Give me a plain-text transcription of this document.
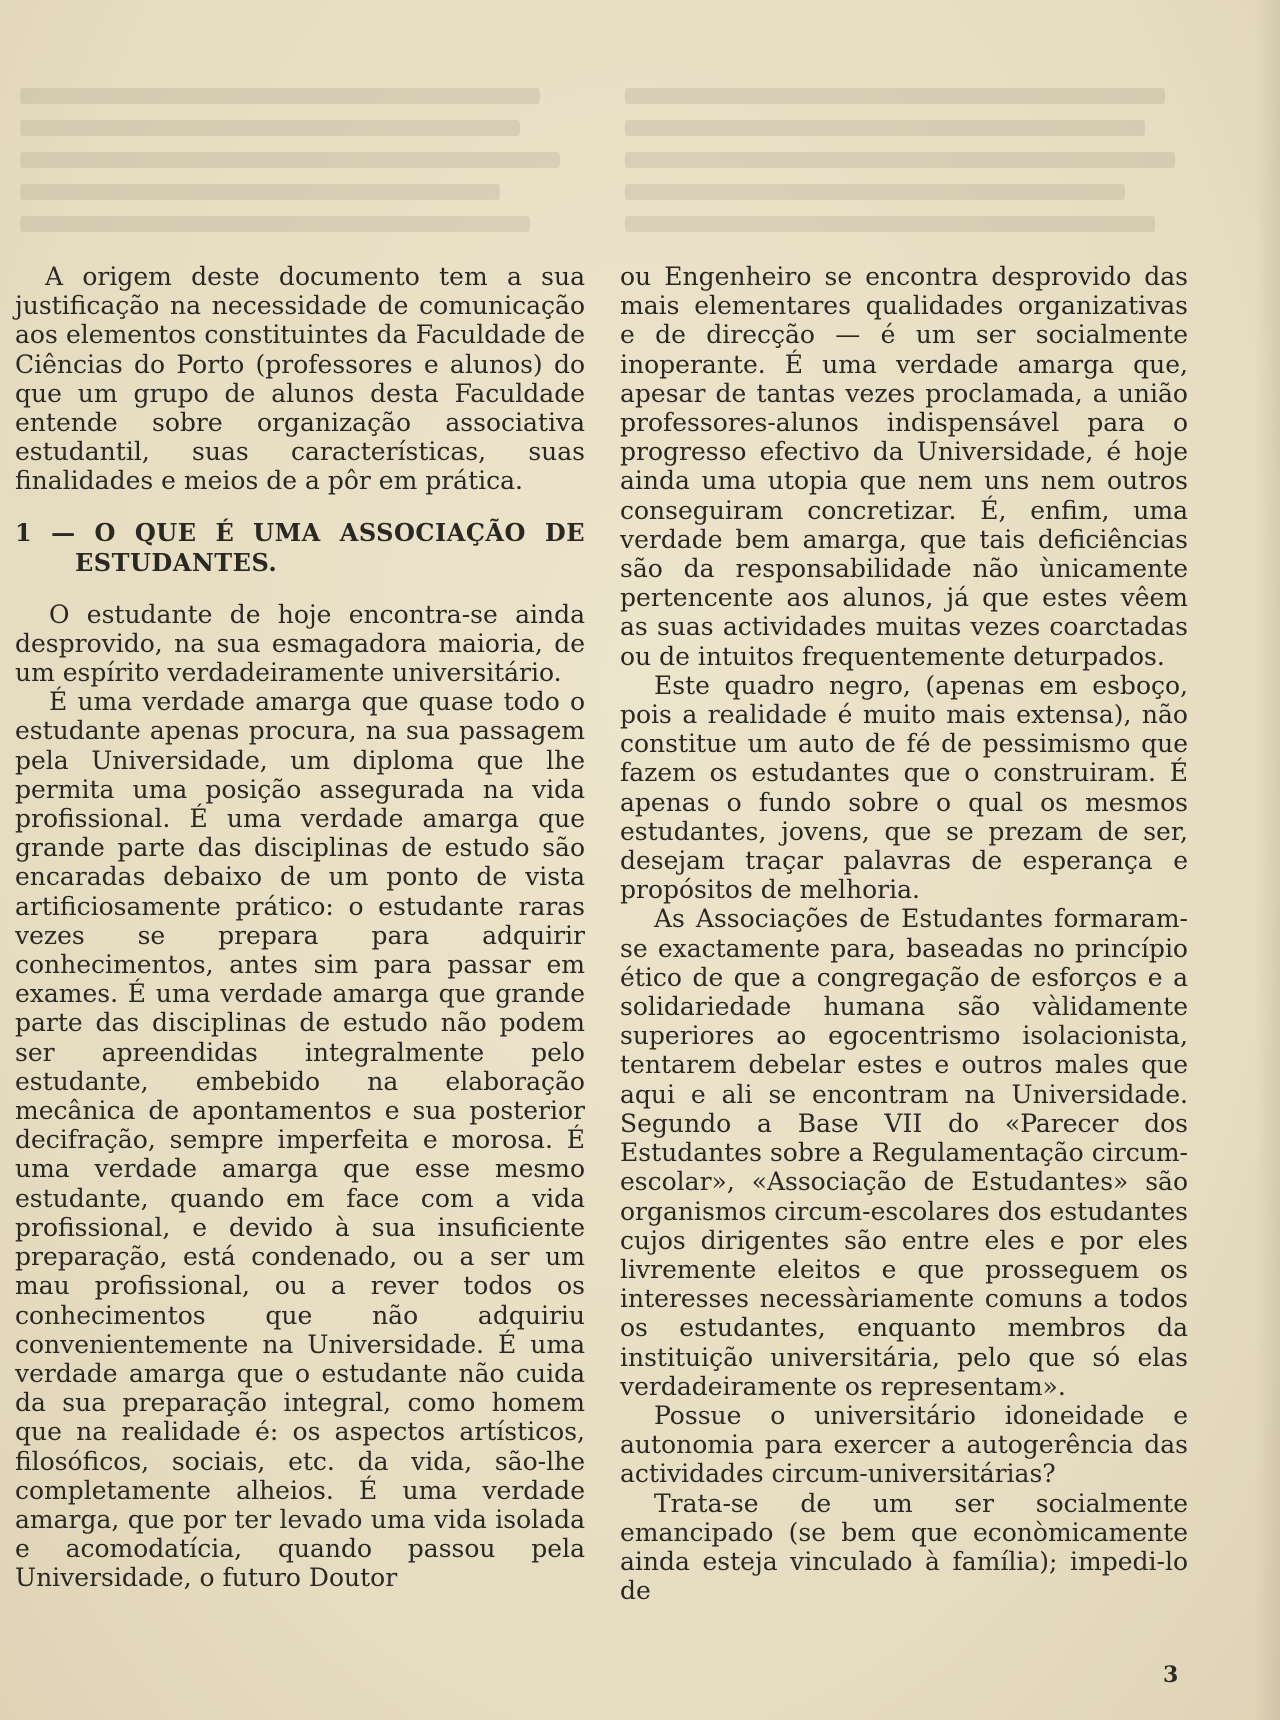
A origem deste documento tem a sua justificação na necessidade de comunicação aos elementos constituintes da Faculdade de Ciências do Porto (professores e alunos) do que um grupo de alunos desta Faculdade entende sobre organização associativa estudantil, suas características, suas finalidades e meios de a pôr em prática.

1 — O QUE É UMA ASSOCIAÇÃO DE ESTUDANTES.

O estudante de hoje encontra-se ainda desprovido, na sua esmagadora maioria, de um espírito verdadeiramente universitário.

É uma verdade amarga que quase todo o estudante apenas procura, na sua passagem pela Universidade, um diploma que lhe permita uma posição assegurada na vida profissional. É uma verdade amarga que grande parte das disciplinas de estudo são encaradas debaixo de um ponto de vista artificiosamente prático: o estudante raras vezes se prepara para adquirir conhecimentos, antes sim para passar em exames. É uma verdade amarga que grande parte das disciplinas de estudo não podem ser apreendidas integralmente pelo estudante, embebido na elaboração mecânica de apontamentos e sua posterior decifração, sempre imperfeita e morosa. É uma verdade amarga que esse mesmo estudante, quando em face com a vida profissional, e devido à sua insuficiente preparação, está condenado, ou a ser um mau profissional, ou a rever todos os conhecimentos que não adquiriu convenientemente na Universidade. É uma verdade amarga que o estudante não cuida da sua preparação integral, como homem que na realidade é: os aspectos artísticos, filosóficos, sociais, etc. da vida, são-lhe completamente alheios. É uma verdade amarga, que por ter levado uma vida isolada e acomodatícia, quando passou pela Universidade, o futuro Doutor

ou Engenheiro se encontra desprovido das mais elementares qualidades organizativas e de direcção — é um ser socialmente inoperante. É uma verdade amarga que, apesar de tantas vezes proclamada, a união professores-alunos indispensável para o progresso efectivo da Universidade, é hoje ainda uma utopia que nem uns nem outros conseguiram concretizar. É, enfim, uma verdade bem amarga, que tais deficiências são da responsabilidade não ùnicamente pertencente aos alunos, já que estes vêem as suas actividades muitas vezes coarctadas ou de intuitos frequentemente deturpados.

Este quadro negro, (apenas em esboço, pois a realidade é muito mais extensa), não constitue um auto de fé de pessimismo que fazem os estudantes que o construiram. É apenas o fundo sobre o qual os mesmos estudantes, jovens, que se prezam de ser, desejam traçar palavras de esperança e propósitos de melhoria.

As Associações de Estudantes formaram-se exactamente para, baseadas no princípio ético de que a congregação de esforços e a solidariedade humana são vàlidamente superiores ao egocentrismo isolacionista, tentarem debelar estes e outros males que aqui e ali se encontram na Universidade. Segundo a Base VII do «Parecer dos Estudantes sobre a Regulamentação circum-escolar», «Associação de Estudantes» são organismos circum-escolares dos estudantes cujos dirigentes são entre eles e por eles livremente eleitos e que prosseguem os interesses necessàriamente comuns a todos os estudantes, enquanto membros da instituição universitária, pelo que só elas verdadeiramente os representam».

Possue o universitário idoneidade e autonomia para exercer a autogerência das actividades circum-universitárias?

Trata-se de um ser socialmente emancipado (se bem que econòmicamente ainda esteja vinculado à família); impedi-lo de

3
